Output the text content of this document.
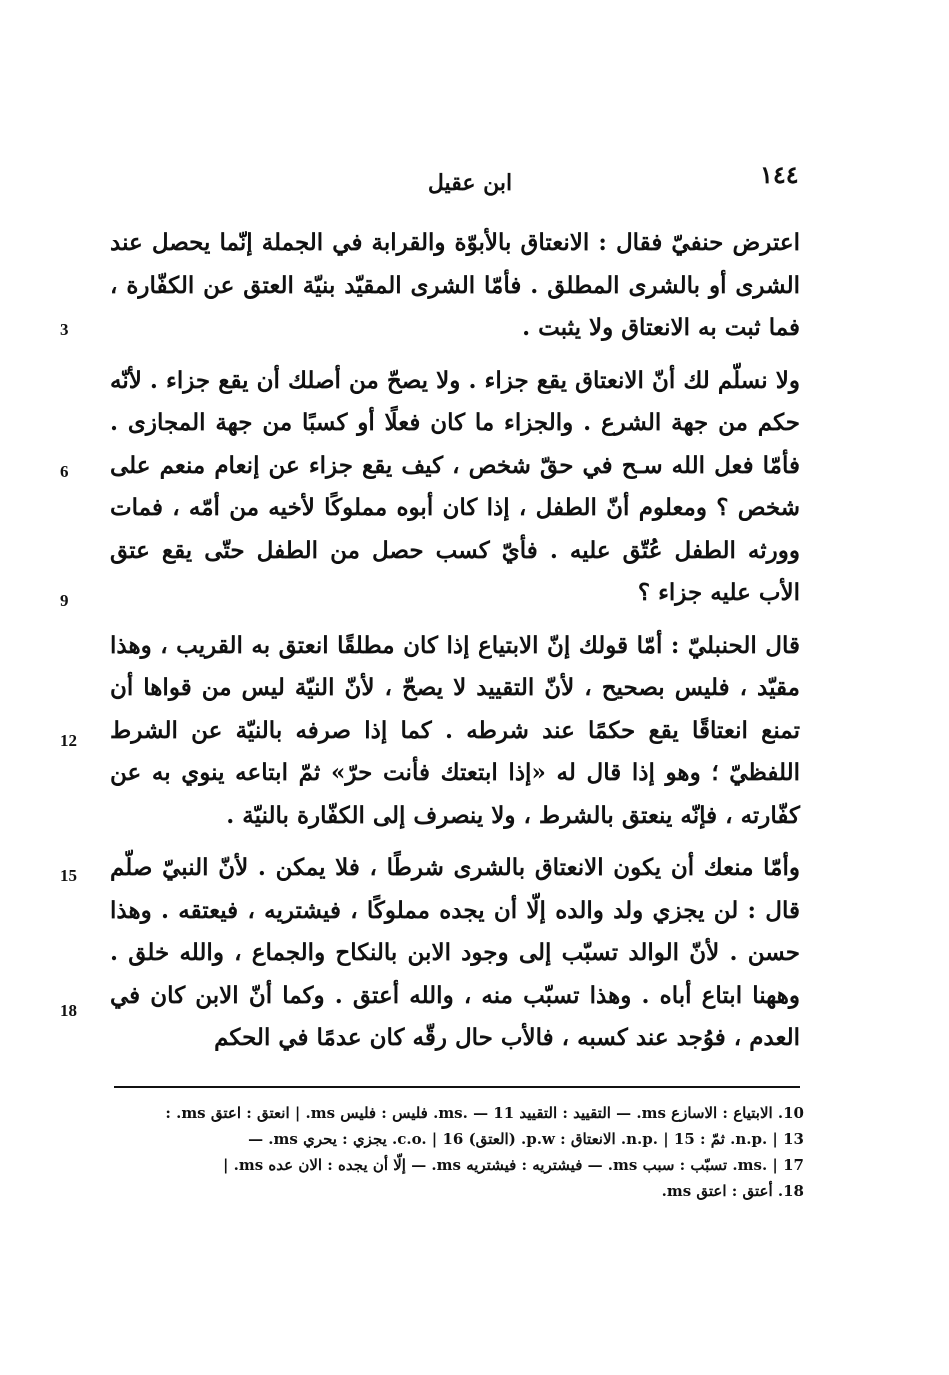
١٤٤
ابن عقيل

اعترض حنفيّ فقال : الانعتاق بالأبوّة والقرابة في الجملة إنّما يحصل عند الشرى أو بالشرى المطلق . فأمّا الشرى المقيّد بنيّة العتق عن الكفّارة ، فما ثبت به الانعتاق ولا يثبت .

ولا نسلّم لك أنّ الانعتاق يقع جزاء . ولا يصحّ من أصلك أن يقع جزاء . لأنّه حكم من جهة الشرع . والجزاء ما كان فعلًا أو كسبًا من جهة المجازى . فأمّا فعل الله سـح في حقّ شخص ، كيف يقع جزاء عن إنعام منعم على شخص ؟ ومعلوم أنّ الطفل ، إذا كان أبوه مملوكًا لأخيه من أمّه ، فمات وورثه الطفل عُتّق عليه . فأيّ كسب حصل من الطفل حتّى يقع عتق الأب عليه جزاء ؟

قال الحنبليّ : أمّا قولك إنّ الابتياع إذا كان مطلقًا انعتق به القريب ، وهذا مقيّد ، فليس بصحيح ، لأنّ التقييد لا يصحّ ، لأنّ النيّة ليس من قواها أن تمنع انعتاقًا يقع حكمًا عند شرطه . كما إذا صرفه بالنيّة عن الشرط اللفظيّ ؛ وهو إذا قال له «إذا ابتعتك فأنت حرّ» ثمّ ابتاعه ينوي به عن كفّارته ، فإنّه ينعتق بالشرط ، ولا ينصرف إلى الكفّارة بالنيّة .

وأمّا منعك أن يكون الانعتاق بالشرى شرطًا ، فلا يمكن . لأنّ النبيّ صلّم قال : لن يجزي ولد والده إلّا أن يجده مملوكًا ، فيشتريه ، فيعتقه . وهذا حسن . لأنّ الوالد تسبّب إلى وجود الابن بالنكاح والجماع ، والله خلق . وههنا ابتاع أباه . وهذا تسبّب منه ، والله أعتق . وكما أنّ الابن كان في العدم ، فوُجد عند كسبه ، فالأب حال رقّه كان عدمًا في الحكم

3
6
9
12
15
18

10. الابتياع : الاسازع ms. — التقييد : التقييد ms. — 11. فليس : فليس ms. | انعتق : اعتق ms. :

n.p. | 13. ثمّ : n.p. | 15. الانعتاق : p.w. (العتق) c.o. | 16. يجزي : يحري ms. —

ms. | 17. تسبّب : سبب ms. — فيشتريه : فيشتريه ms. — إلّا أن يجده : الان عده ms. |

18. أعتق : اعتق ms.
